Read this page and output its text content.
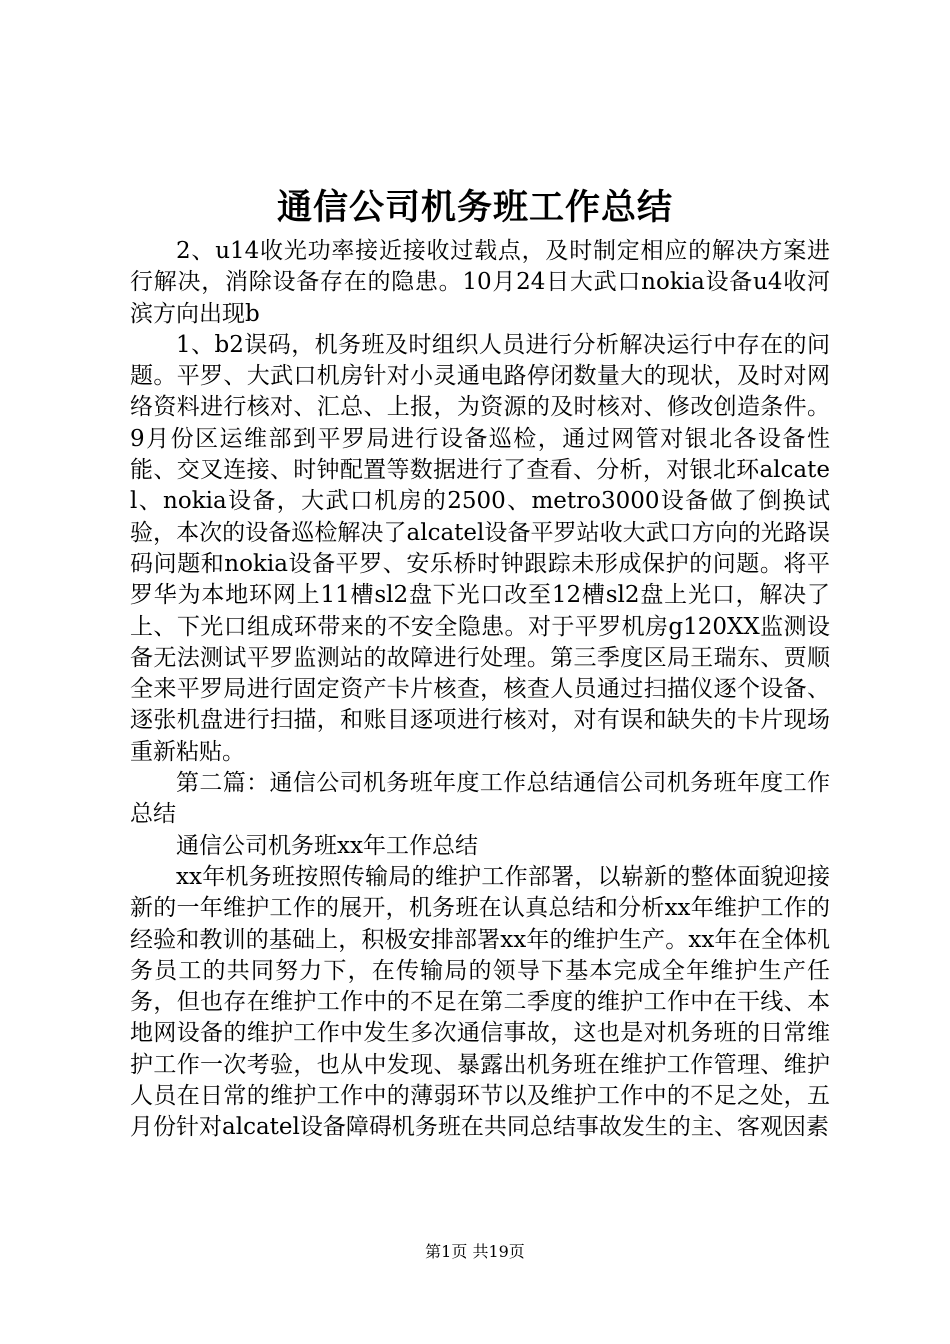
通信公司机务班工作总结

2、u14收光功率接近接收过载点，及时制定相应的解决方案进行解决，消除设备存在的隐患。10月24日大武口nokia设备u4收河滨方向出现b

1、b2误码，机务班及时组织人员进行分析解决运行中存在的问题。平罗、大武口机房针对小灵通电路停闭数量大的现状，及时对网络资料进行核对、汇总、上报，为资源的及时核对、修改创造条件。9月份区运维部到平罗局进行设备巡检，通过网管对银北各设备性能、交叉连接、时钟配置等数据进行了查看、分析，对银北环alcatel、nokia设备，大武口机房的2500、metro3000设备做了倒换试验，本次的设备巡检解决了alcatel设备平罗站收大武口方向的光路误码问题和nokia设备平罗、安乐桥时钟跟踪未形成保护的问题。将平罗华为本地环网上11槽sl2盘下光口改至12槽sl2盘上光口，解决了上、下光口组成环带来的不安全隐患。对于平罗机房g120XX监测设备无法测试平罗监测站的故障进行处理。第三季度区局王瑞东、贾顺全来平罗局进行固定资产卡片核查，核查人员通过扫描仪逐个设备、逐张机盘进行扫描，和账目逐项进行核对，对有误和缺失的卡片现场重新粘贴。

第二篇：通信公司机务班年度工作总结通信公司机务班年度工作总结

通信公司机务班xx年工作总结

xx年机务班按照传输局的维护工作部署，以崭新的整体面貌迎接新的一年维护工作的展开，机务班在认真总结和分析xx年维护工作的经验和教训的基础上，积极安排部署xx年的维护生产。xx年在全体机务员工的共同努力下，在传输局的领导下基本完成全年维护生产任务，但也存在维护工作中的不足在第二季度的维护工作中在干线、本地网设备的维护工作中发生多次通信事故，这也是对机务班的日常维护工作一次考验，也从中发现、暴露出机务班在维护工作管理、维护人员在日常的维护工作中的薄弱环节以及维护工作中的不足之处，五月份针对alcatel设备障碍机务班在共同总结事故发生的主、客观因素

第1页 共19页
